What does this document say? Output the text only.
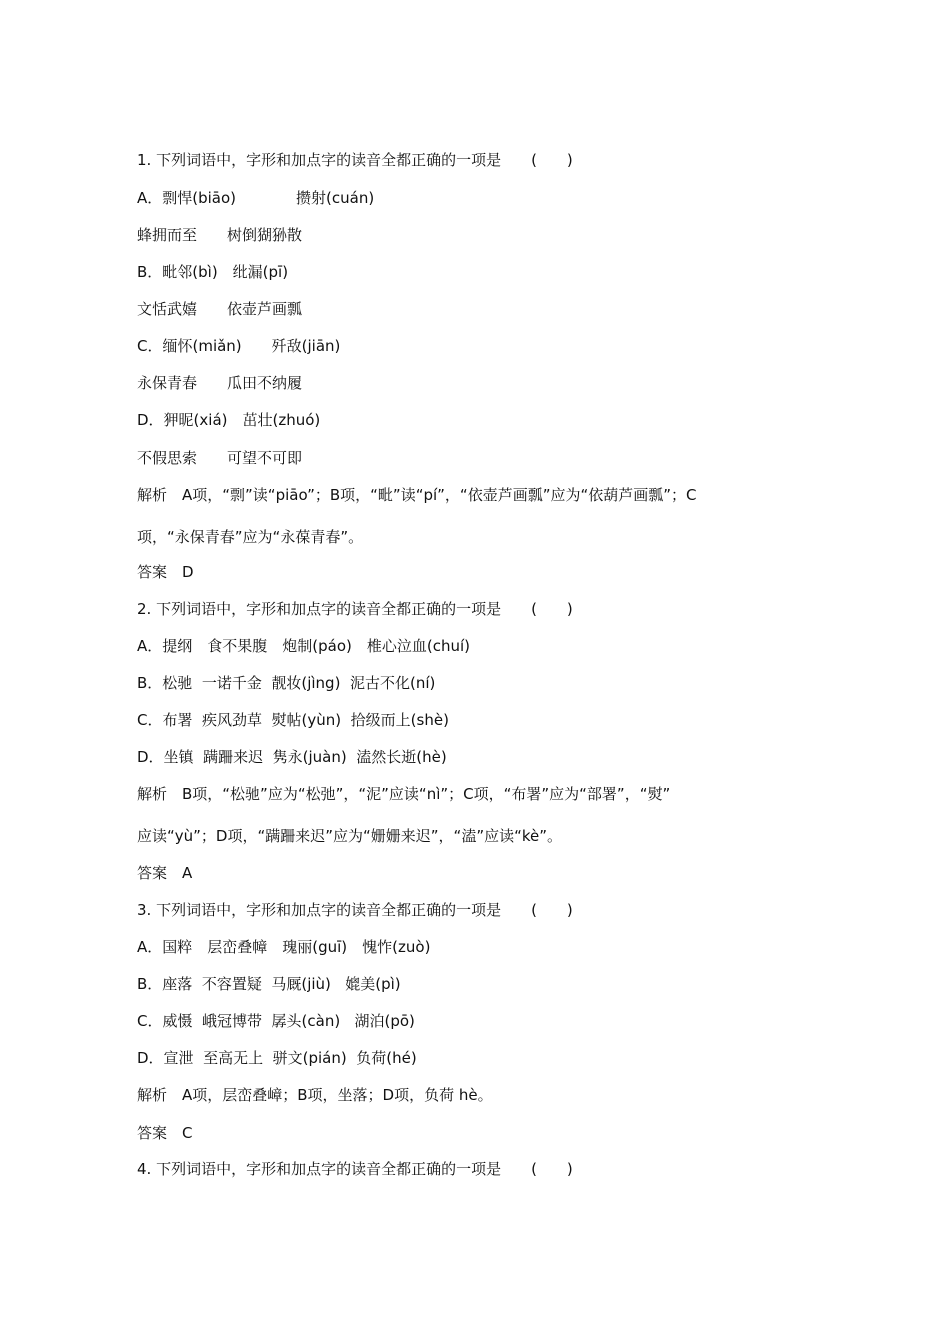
1. 下列词语中，字形和加点字的读音全都正确的一项是　　(　　)
A．剽悍(biāo)　　　　攒射(cuán)
蜂拥而至　　树倒猢狲散
B．毗邻(bì)　纰漏(pī)
文恬武嬉　　依壶芦画瓢
C．缅怀(miǎn)　　歼敌(jiān)
永保青春　　瓜田不纳履
D．狎昵(xiá)　茁壮(zhuó)
不假思索　　可望不可即
解析　A项，“剽”读“piāo”；B项，“毗”读“pí”，“依壶芦画瓢”应为“依葫芦画瓢”；C
项，“永保青春”应为“永葆青春”。
答案　D
2. 下列词语中，字形和加点字的读音全都正确的一项是　　(　　)
A．提纲　食不果腹　炮制(páo)　椎心泣血(chuí)
B．松驰  一诺千金  靓妆(jìng)  泥古不化(ní)
C．布署  疾风劲草  熨帖(yùn)  拾级而上(shè)
D．坐镇  蹒跚来迟  隽永(juàn)  溘然长逝(hè)
解析　B项，“松驰”应为“松弛”，“泥”应读“nì”；C项，“布署”应为“部署”，“熨”
应读“yù”；D项，“蹒跚来迟”应为“姗姗来迟”，“溘”应读“kè”。
答案　A
3. 下列词语中，字形和加点字的读音全都正确的一项是　　(　　)
A．国粹　层峦叠幛　瑰丽(guī)　愧怍(zuò)
B．座落  不容置疑  马厩(jiù)   媲美(pì)
C．威慑  峨冠博带  孱头(càn)   湖泊(pō)
D．宣泄  至高无上  骈文(pián)  负荷(hé)
解析　A项，层峦叠嶂；B项，坐落；D项，负荷 hè。
答案　C
4. 下列词语中，字形和加点字的读音全都正确的一项是　　(　　)
